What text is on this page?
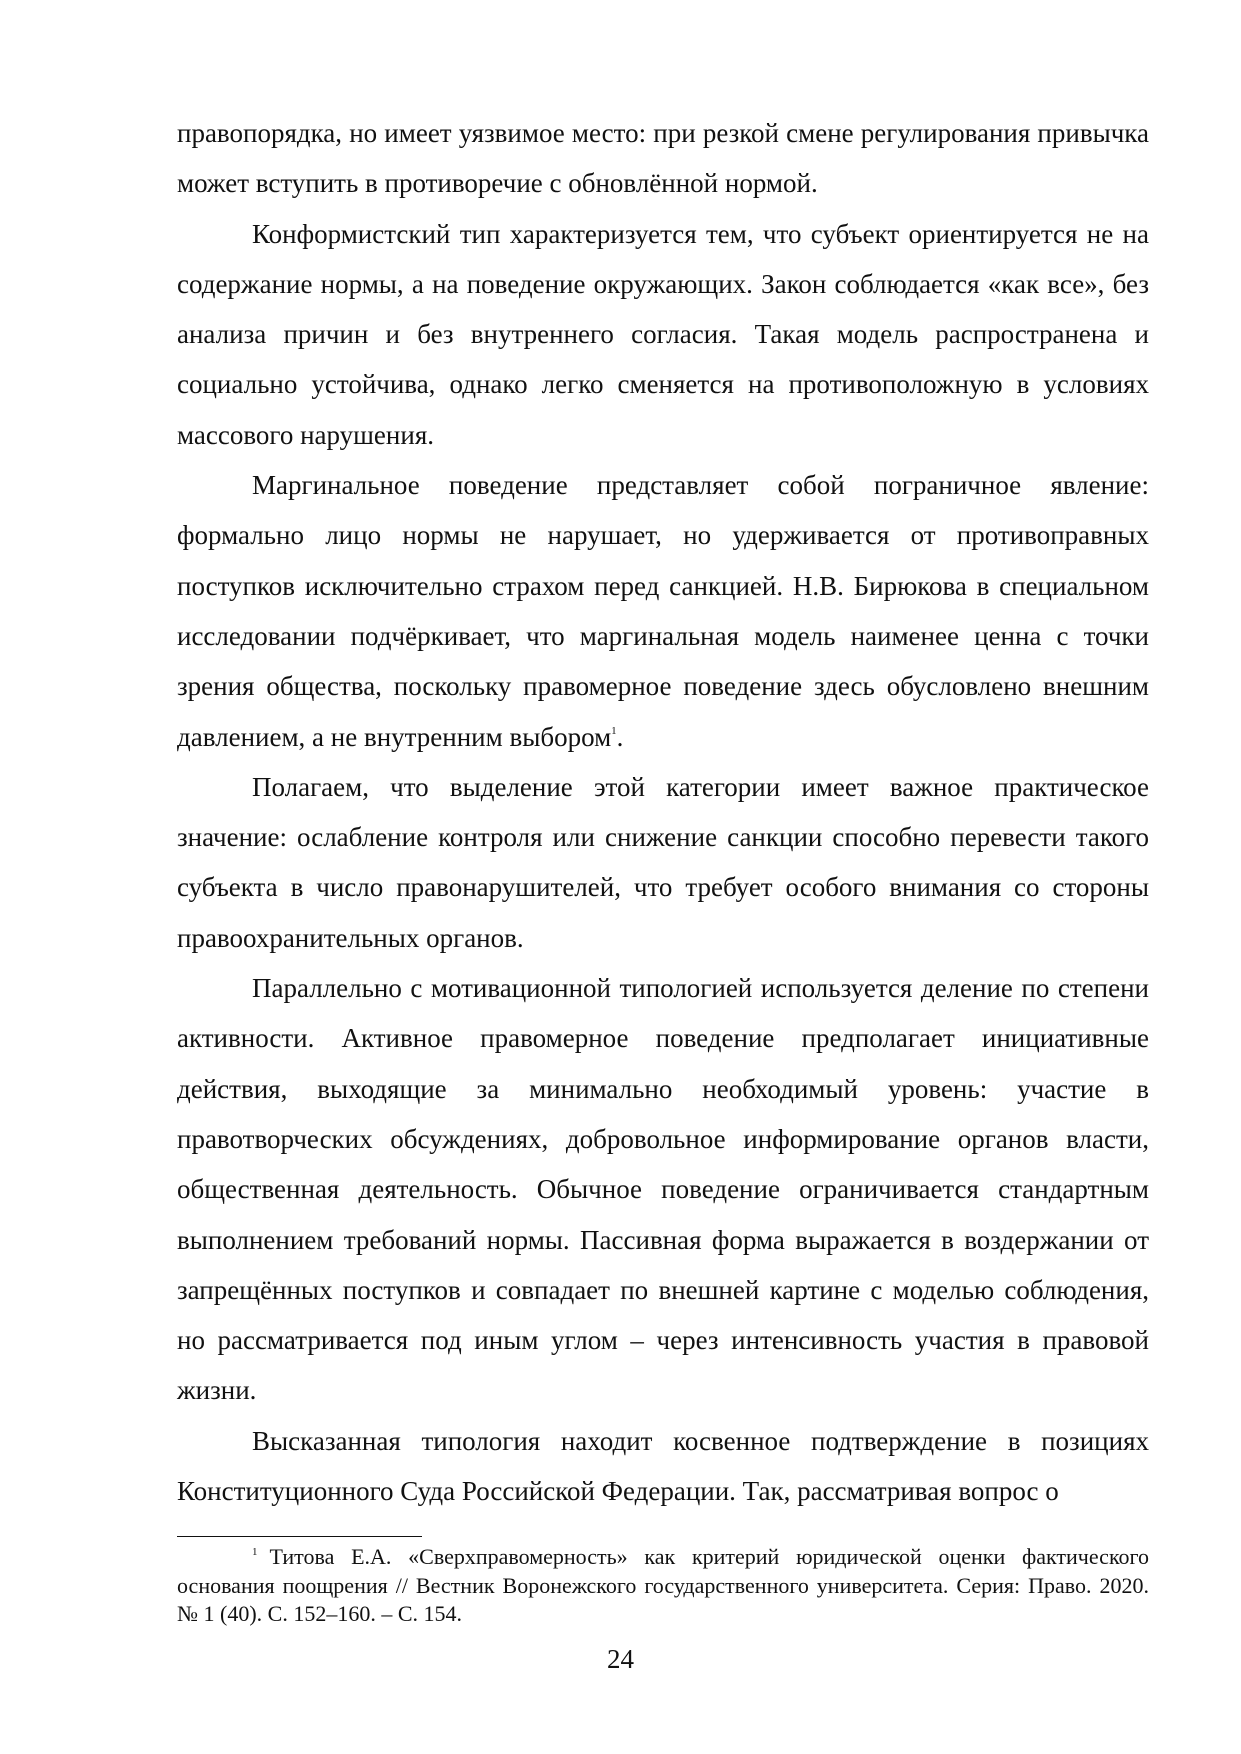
правопорядка, но имеет уязвимое место: при резкой смене регулирования привычка может вступить в противоречие с обновлённой нормой.

Конформистский тип характеризуется тем, что субъект ориентируется не на содержание нормы, а на поведение окружающих. Закон соблюдается «как все», без анализа причин и без внутреннего согласия. Такая модель распространена и социально устойчива, однако легко сменяется на противоположную в условиях массового нарушения.

Маргинальное поведение представляет собой пограничное явление: формально лицо нормы не нарушает, но удерживается от противоправных поступков исключительно страхом перед санкцией. Н.В. Бирюкова в специальном исследовании подчёркивает, что маргинальная модель наименее ценна с точки зрения общества, поскольку правомерное поведение здесь обусловлено внешним давлением, а не внутренним выбором$^1$.

Полагаем, что выделение этой категории имеет важное практическое значение: ослабление контроля или снижение санкции способно перевести такого субъекта в число правонарушителей, что требует особого внимания со стороны правоохранительных органов.

Параллельно с мотивационной типологией используется деление по степени активности. Активное правомерное поведение предполагает инициативные действия, выходящие за минимально необходимый уровень: участие в правотворческих обсуждениях, добровольное информирование органов власти, общественная деятельность. Обычное поведение ограничивается стандартным выполнением требований нормы. Пассивная форма выражается в воздержании от запрещённых поступков и совпадает по внешней картине с моделью соблюдения, но рассматривается под иным углом – через интенсивность участия в правовой жизни.

Высказанная типология находит косвенное подтверждение в позициях Конституционного Суда Российской Федерации. Так, рассматривая вопрос о

$^1$ Титова Е.А. «Сверхправомерность» как критерий юридической оценки фактического основания поощрения // Вестник Воронежского государственного университета. Серия: Право. 2020. № 1 (40). С. 152–160. – С. 154.

24
